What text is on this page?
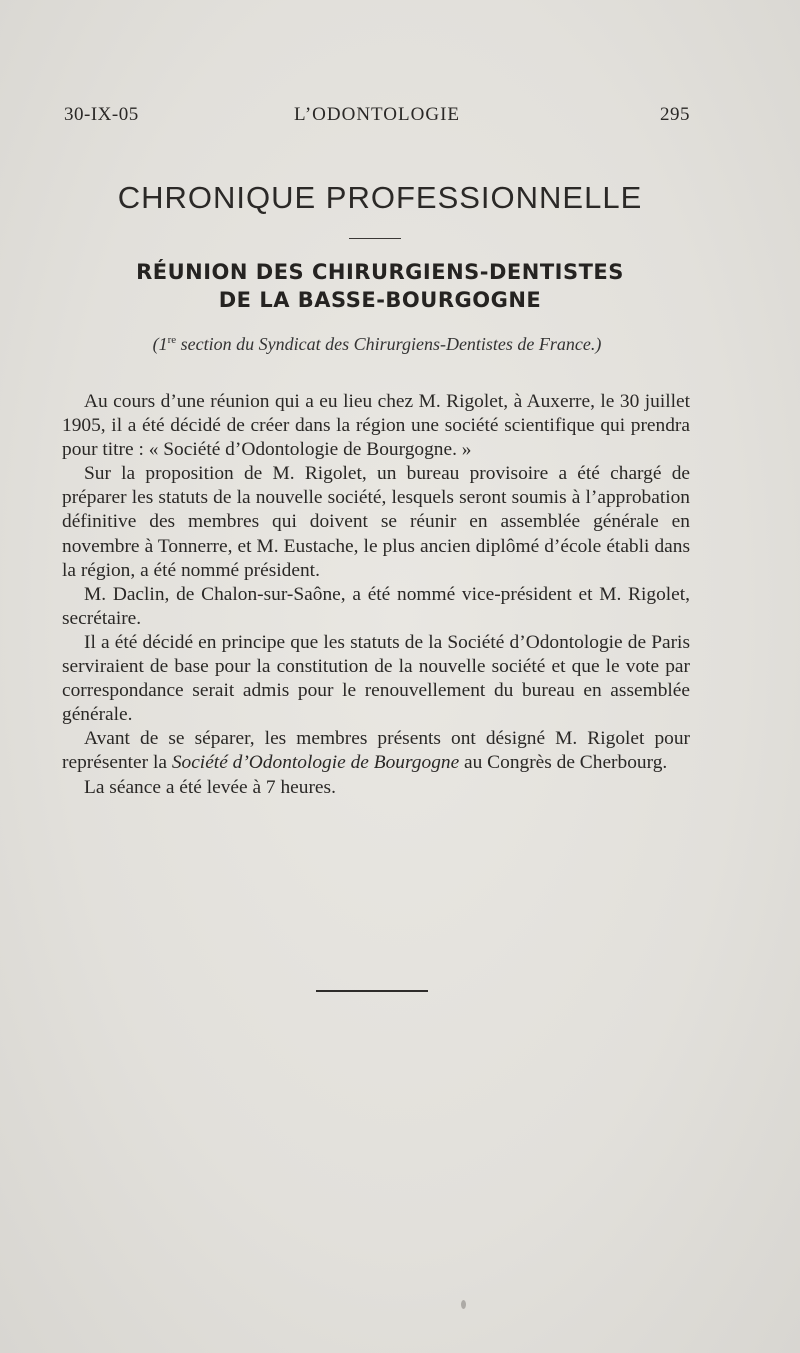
30-IX-05	L’ODONTOLOGIE	295
CHRONIQUE PROFESSIONNELLE
RÉUNION DES CHIRURGIENS-DENTISTES
DE LA BASSE-BOURGOGNE
(1re section du Syndicat des Chirurgiens-Dentistes de France.)

Au cours d’une réunion qui a eu lieu chez M. Rigolet, à Auxerre, le 30 juillet 1905, il a été décidé de créer dans la région une société scientifique qui prendra pour titre : « Société d’Odontologie de Bourgogne. »

Sur la proposition de M. Rigolet, un bureau provisoire a été chargé de préparer les statuts de la nouvelle société, lesquels seront soumis à l’approbation définitive des membres qui doivent se réunir en assemblée générale en novembre à Tonnerre, et M. Eustache, le plus ancien diplômé d’école établi dans la région, a été nommé président.

M. Daclin, de Chalon-sur-Saône, a été nommé vice-président et M. Rigolet, secrétaire.

Il a été décidé en principe que les statuts de la Société d’Odontologie de Paris serviraient de base pour la constitution de la nouvelle société et que le vote par correspondance serait admis pour le renouvellement du bureau en assemblée générale.

Avant de se séparer, les membres présents ont désigné M. Rigolet pour représenter la Société d’Odontologie de Bourgogne au Congrès de Cherbourg.

La séance a été levée à 7 heures.
